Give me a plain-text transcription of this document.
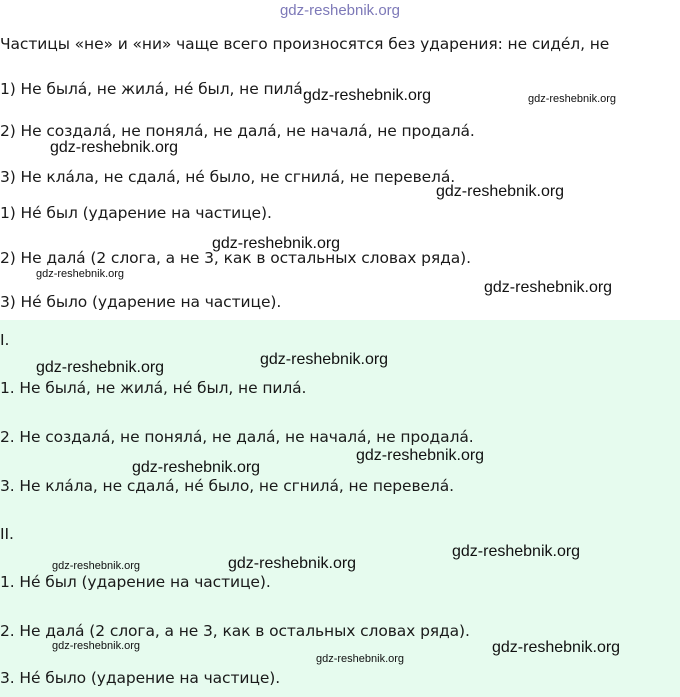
gdz-reshebnik.org
Частицы «не» и «ни» чаще всего произносятся без ударения: не сидéл, не
1) Не былá, не жилá, нé был, не пилá.
2) Не создалá, не понялá, не далá, не началá, не продалá.
3) Не клáла, не сдалá, нé было, не сгнилá, не перевелá.
1) Нé был (ударение на частице).
2) Не далá (2 слога, а не 3, как в остальных словах ряда).
3) Нé было (ударение на частице).
I.
1. Не былá, не жилá, нé был, не пилá.
2. Не создалá, не понялá, не далá, не началá, не продалá.
3. Не клáла, не сдалá, нé было, не сгнилá, не перевелá.
II.
1. Нé был (ударение на частице).
2. Не далá (2 слога, а не 3, как в остальных словах ряда).
3. Нé было (ударение на частице).
gdz-reshebnik.org	gdz-reshebnik.org
gdz-reshebnik.org
gdz-reshebnik.org
gdz-reshebnik.org
gdz-reshebnik.org
gdz-reshebnik.org
gdz-reshebnik.org
gdz-reshebnik.org
gdz-reshebnik.org
gdz-reshebnik.org
gdz-reshebnik.org
gdz-reshebnik.org
gdz-reshebnik.org
gdz-reshebnik.org	gdz-reshebnik.org
gdz-reshebnik.org
